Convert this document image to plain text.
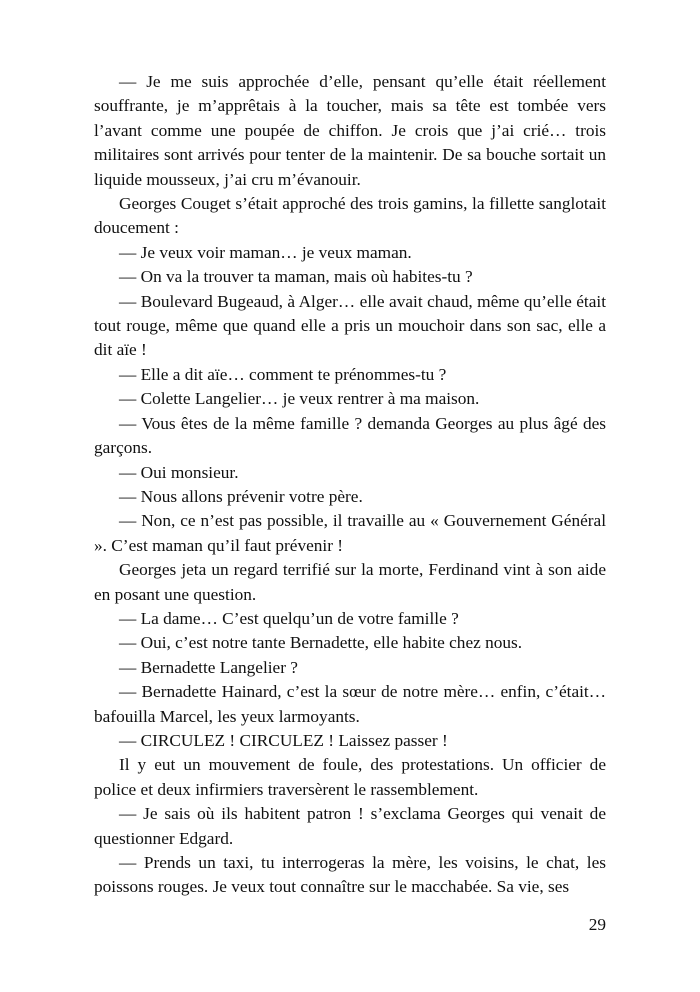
— Je me suis approchée d’elle, pensant qu’elle était réellement souffrante, je m’apprêtais à la toucher, mais sa tête est tombée vers l’avant comme une poupée de chiffon. Je crois que j’ai crié… trois militaires sont arrivés pour tenter de la maintenir. De sa bouche sortait un liquide mousseux, j’ai cru m’évanouir.

Georges Couget s’était approché des trois gamins, la fillette sanglotait doucement :

— Je veux voir maman… je veux maman.

— On va la trouver ta maman, mais où habites-tu ?

— Boulevard Bugeaud, à Alger… elle avait chaud, même qu’elle était tout rouge, même que quand elle a pris un mouchoir dans son sac, elle a dit aïe !

— Elle a dit aïe… comment te prénommes-tu ?

— Colette Langelier… je veux rentrer à ma maison.

— Vous êtes de la même famille ? demanda Georges au plus âgé des garçons.

— Oui monsieur.

— Nous allons prévenir votre père.

— Non, ce n’est pas possible, il travaille au « Gouvernement Général ». C’est maman qu’il faut prévenir !

Georges jeta un regard terrifié sur la morte, Ferdinand vint à son aide en posant une question.

— La dame… C’est quelqu’un de votre famille ?

— Oui, c’est notre tante Bernadette, elle habite chez nous.

— Bernadette Langelier ?

— Bernadette Hainard, c’est la sœur de notre mère… enfin, c’était… bafouilla Marcel, les yeux larmoyants.

— CIRCULEZ ! CIRCULEZ ! Laissez passer !

Il y eut un mouvement de foule, des protestations. Un officier de police et deux infirmiers traversèrent le rassemblement.

— Je sais où ils habitent patron ! s’exclama Georges qui venait de questionner Edgard.

— Prends un taxi, tu interrogeras la mère, les voisins, le chat, les poissons rouges. Je veux tout connaître sur le macchabée. Sa vie, ses

29
